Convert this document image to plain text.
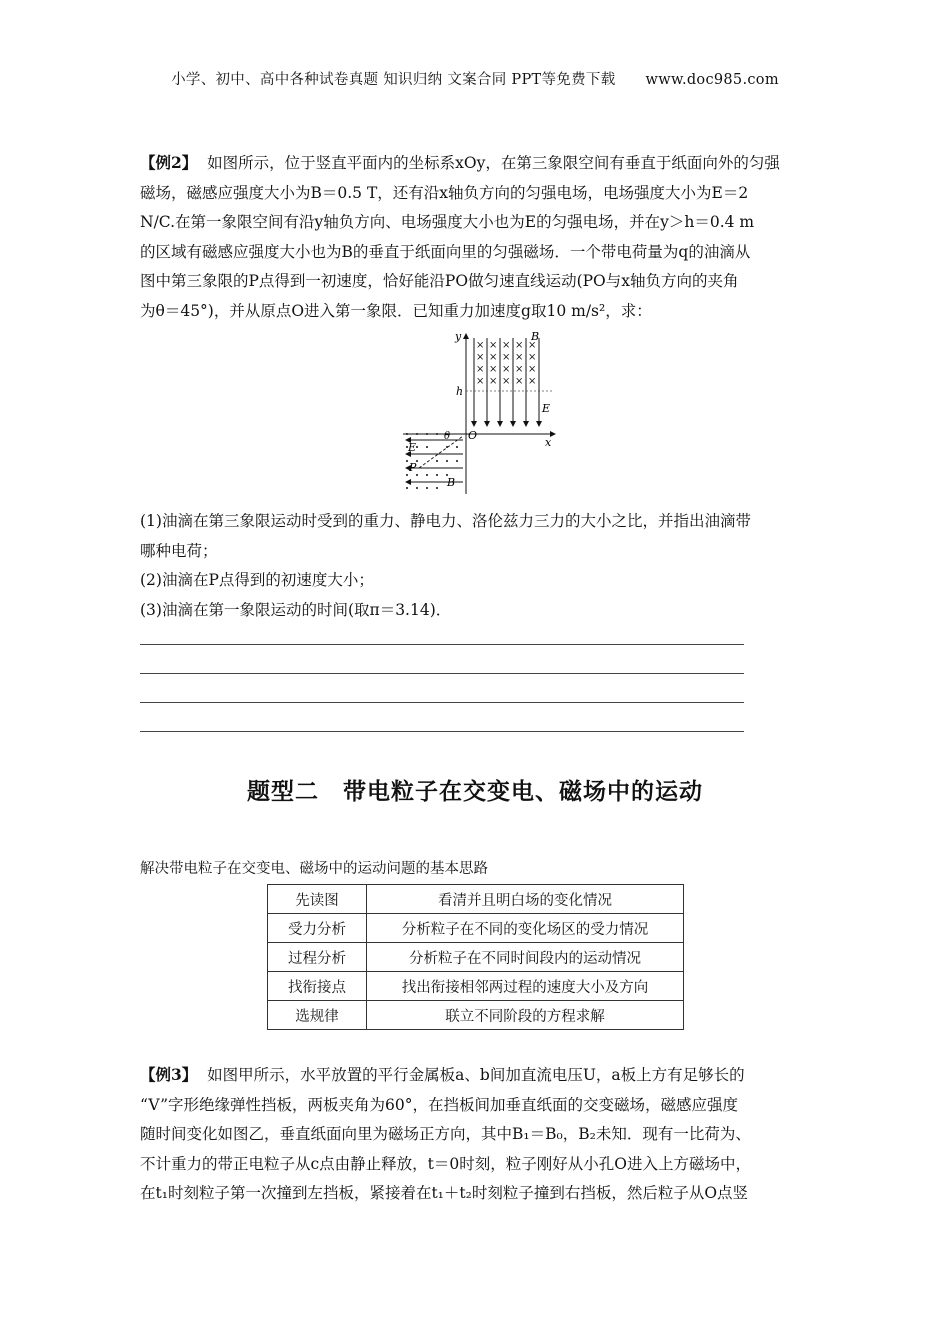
小学、初中、高中各种试卷真题 知识归纳 文案合同 PPT等免费下载 www.doc985.com
【例2】 如图所示，位于竖直平面内的坐标系xOy，在第三象限空间有垂直于纸面向外的匀强
磁场，磁感应强度大小为B＝0.5 T，还有沿x轴负方向的匀强电场，电场强度大小为E＝2
N/C.在第一象限空间有沿y轴负方向、电场强度大小也为E的匀强电场，并在y＞h＝0.4 m
的区域有磁感应强度大小也为B的垂直于纸面向里的匀强磁场．一个带电荷量为q的油滴从
图中第三象限的P点得到一初速度，恰好能沿PO做匀速直线运动(PO与x轴负方向的夹角
为θ＝45°)，并从原点O进入第一象限．已知重力加速度g取10 m/s²，求：
× × × × ×
× × × × ×
× × × × ×
× × × × ×
y
x
O
h
B
E
θ
E
P
B
(1)油滴在第三象限运动时受到的重力、静电力、洛伦兹力三力的大小之比，并指出油滴带
哪种电荷；
(2)油滴在P点得到的初速度大小；
(3)油滴在第一象限运动的时间(取π＝3.14)．
题型二　带电粒子在交变电、磁场中的运动
解决带电粒子在交变电、磁场中的运动问题的基本思路
先读图	看清并且明白场的变化情况
受力分析	分析粒子在不同的变化场区的受力情况
过程分析	分析粒子在不同时间段内的运动情况
找衔接点	找出衔接相邻两过程的速度大小及方向
选规律	联立不同阶段的方程求解
【例3】 如图甲所示，水平放置的平行金属板a、b间加直流电压U，a板上方有足够长的
“V”字形绝缘弹性挡板，两板夹角为60°，在挡板间加垂直纸面的交变磁场，磁感应强度
随时间变化如图乙，垂直纸面向里为磁场正方向，其中B₁＝B₀，B₂未知．现有一比荷为、
不计重力的带正电粒子从c点由静止释放，t＝0时刻，粒子刚好从小孔O进入上方磁场中，
在t₁时刻粒子第一次撞到左挡板，紧接着在t₁＋t₂时刻粒子撞到右挡板，然后粒子从O点竖
